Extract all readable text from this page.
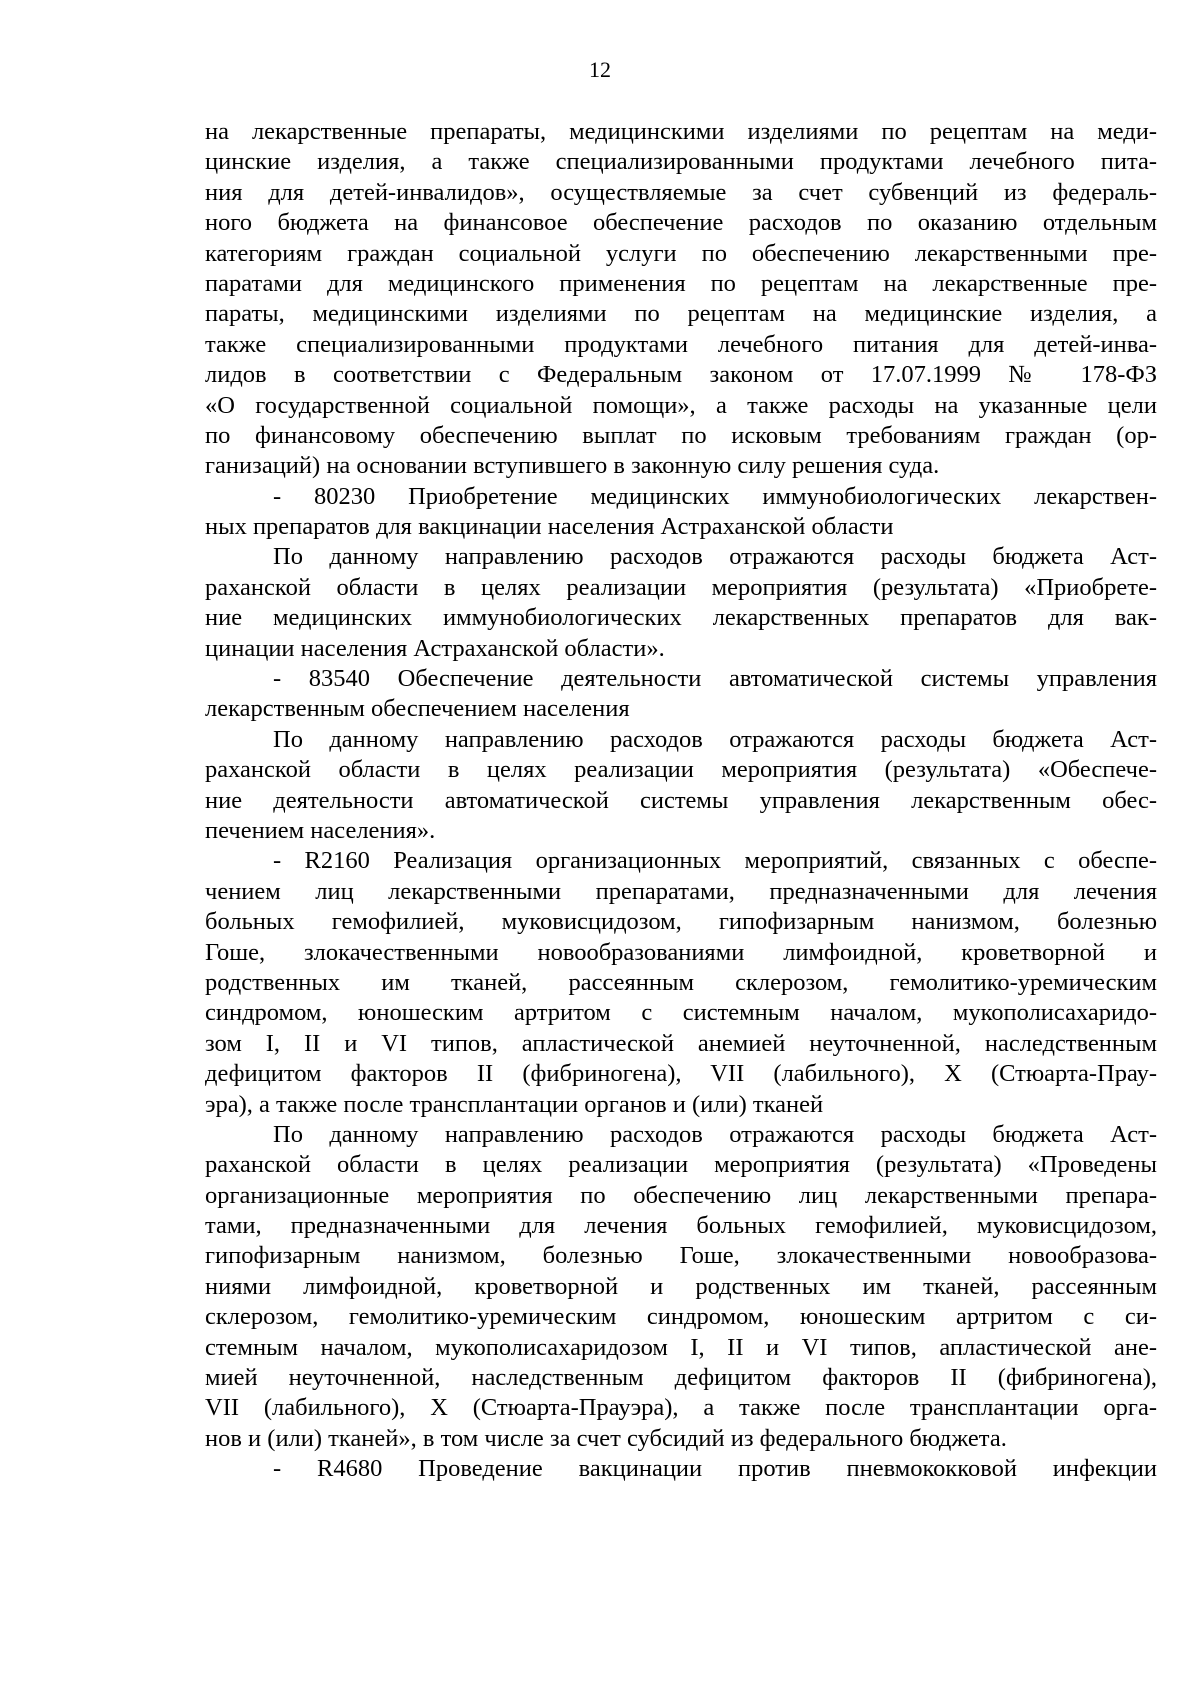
12
на лекарственные препараты, медицинскими изделиями по рецептам на меди-
цинские изделия, а также специализированными продуктами лечебного пита-
ния для детей-инвалидов», осуществляемые за счет субвенций из федераль-
ного бюджета на финансовое обеспечение расходов по оказанию отдельным
категориям граждан социальной услуги по обеспечению лекарственными пре-
паратами для медицинского применения по рецептам на лекарственные пре-
параты, медицинскими изделиями по рецептам на медицинские изделия, а
также специализированными продуктами лечебного питания для детей-инва-
лидов в соответствии с Федеральным законом от 17.07.1999 № 178-ФЗ
«О государственной социальной помощи», а также расходы на указанные цели
по финансовому обеспечению выплат по исковым требованиям граждан (ор-
ганизаций) на основании вступившего в законную силу решения суда.
- 80230 Приобретение медицинских иммунобиологических лекарствен-
ных препаратов для вакцинации населения Астраханской области
По данному направлению расходов отражаются расходы бюджета Аст-
раханской области в целях реализации мероприятия (результата) «Приобрете-
ние медицинских иммунобиологических лекарственных препаратов для вак-
цинации населения Астраханской области».
- 83540 Обеспечение деятельности автоматической системы управления
лекарственным обеспечением населения
По данному направлению расходов отражаются расходы бюджета Аст-
раханской области в целях реализации мероприятия (результата) «Обеспече-
ние деятельности автоматической системы управления лекарственным обес-
печением населения».
- R2160 Реализация организационных мероприятий, связанных с обеспе-
чением лиц лекарственными препаратами, предназначенными для лечения
больных гемофилией, муковисцидозом, гипофизарным нанизмом, болезнью
Гоше, злокачественными новообразованиями лимфоидной, кроветворной и
родственных им тканей, рассеянным склерозом, гемолитико-уремическим
синдромом, юношеским артритом с системным началом, мукополисахаридо-
зом I, II и VI типов, апластической анемией неуточненной, наследственным
дефицитом факторов II (фибриногена), VII (лабильного), X (Стюарта-Прау-
эра), а также после трансплантации органов и (или) тканей
По данному направлению расходов отражаются расходы бюджета Аст-
раханской области в целях реализации мероприятия (результата) «Проведены
организационные мероприятия по обеспечению лиц лекарственными препара-
тами, предназначенными для лечения больных гемофилией, муковисцидозом,
гипофизарным нанизмом, болезнью Гоше, злокачественными новообразова-
ниями лимфоидной, кроветворной и родственных им тканей, рассеянным
склерозом, гемолитико-уремическим синдромом, юношеским артритом с си-
стемным началом, мукополисахаридозом I, II и VI типов, апластической ане-
мией неуточненной, наследственным дефицитом факторов II (фибриногена),
VII (лабильного), X (Стюарта-Прауэра), а также после трансплантации орга-
нов и (или) тканей», в том числе за счет субсидий из федерального бюджета.
- R4680 Проведение вакцинации против пневмококковой инфекции
